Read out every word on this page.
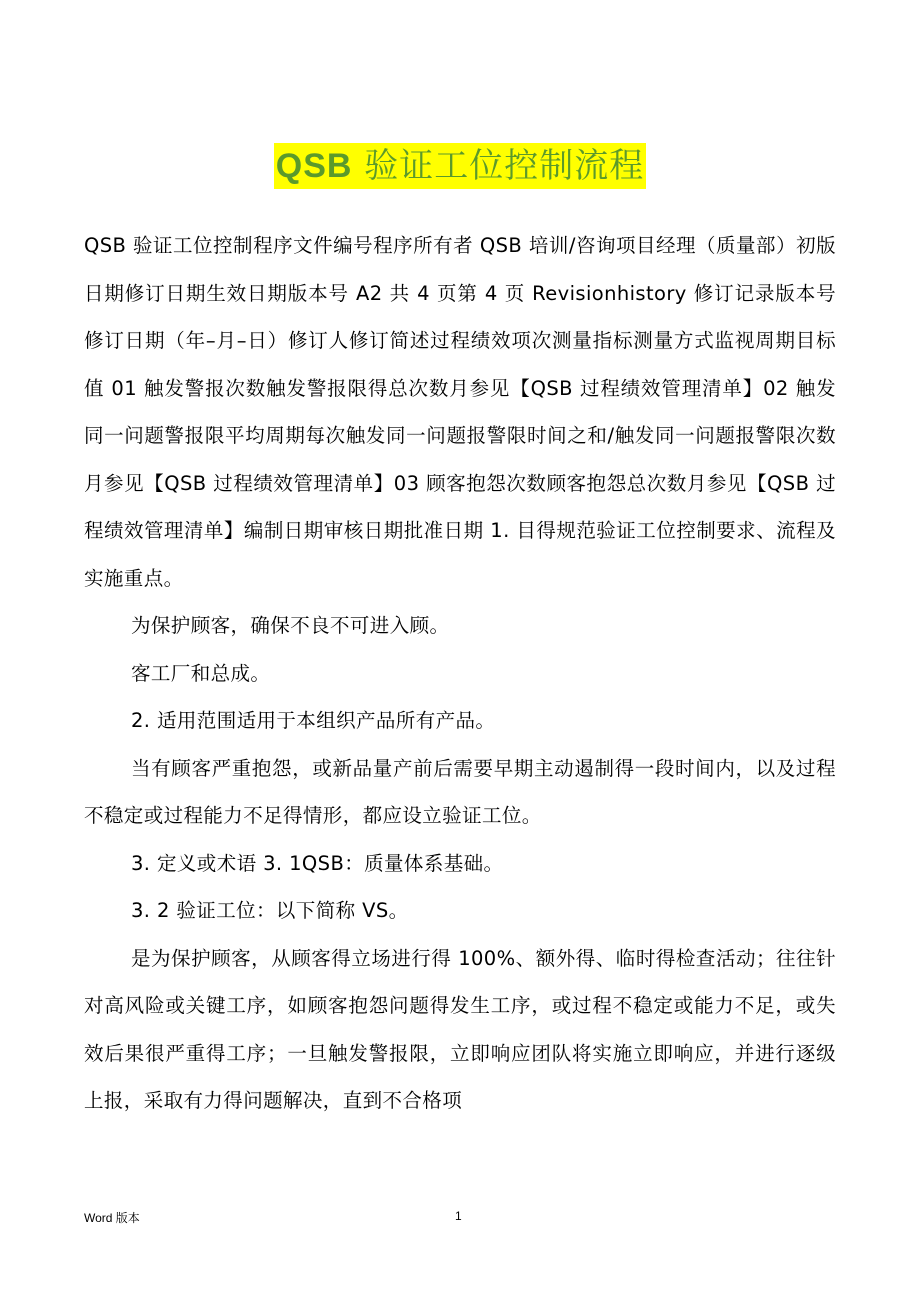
QSB 验证工位控制流程

QSB 验证工位控制程序文件编号程序所有者 QSB 培训/咨询项目经理（质量部）初版日期修订日期生效日期版本号 A2 共 4 页第 4 页 Revisionhistory 修订记录版本号修订日期（年–月–日）修订人修订简述过程绩效项次测量指标测量方式监视周期目标值 01 触发警报次数触发警报限得总次数月参见【QSB 过程绩效管理清单】02 触发同一问题警报限平均周期每次触发同一问题报警限时间之和/触发同一问题报警限次数月参见【QSB 过程绩效管理清单】03 顾客抱怨次数顾客抱怨总次数月参见【QSB 过程绩效管理清单】编制日期审核日期批准日期 1. 目得规范验证工位控制要求、流程及实施重点。

为保护顾客，确保不良不可进入顾。

客工厂和总成。

2. 适用范围适用于本组织产品所有产品。

当有顾客严重抱怨，或新品量产前后需要早期主动遏制得一段时间内，以及过程不稳定或过程能力不足得情形，都应设立验证工位。

3. 定义或术语 3. 1QSB：质量体系基础。

3. 2 验证工位：以下简称 VS。

是为保护顾客，从顾客得立场进行得 100%、额外得、临时得检查活动；往往针对高风险或关键工序，如顾客抱怨问题得发生工序，或过程不稳定或能力不足，或失效后果很严重得工序；一旦触发警报限，立即响应团队将实施立即响应，并进行逐级上报，采取有力得问题解决，直到不合格项

Word 版本	1
